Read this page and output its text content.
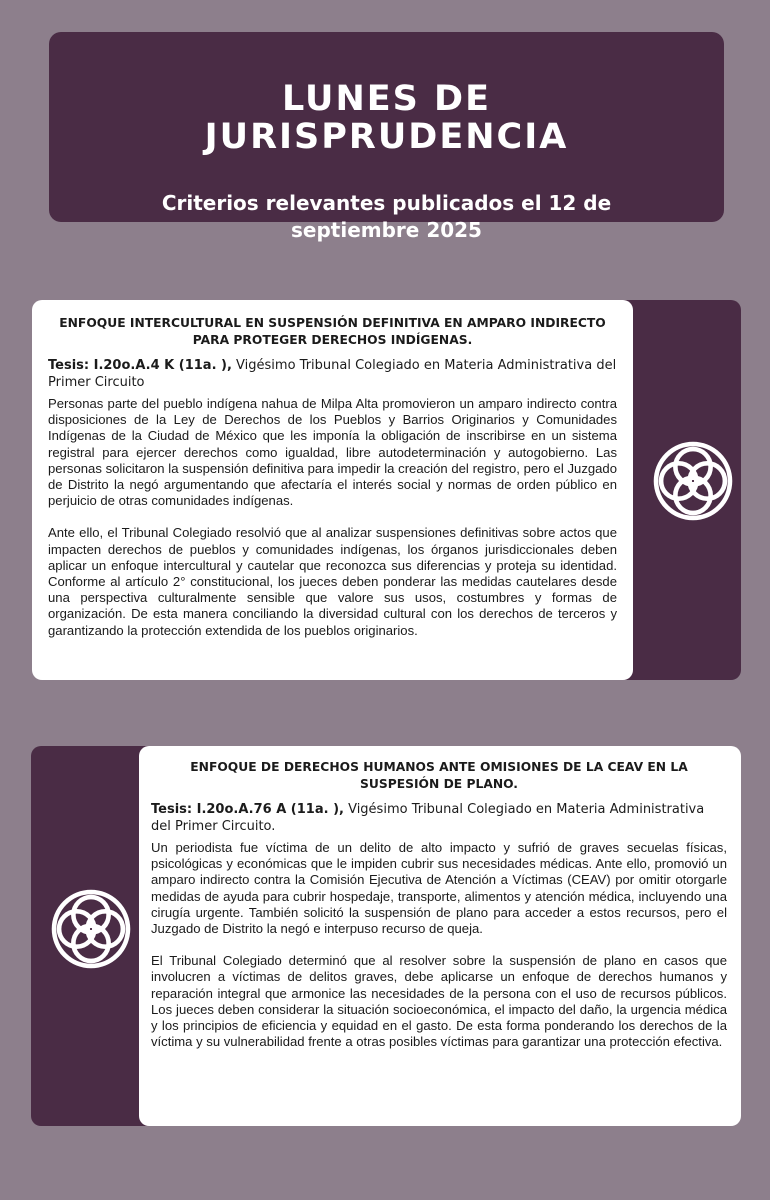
LUNES DE
JURISPRUDENCIA
Criterios relevantes publicados el 12 de septiembre 2025

ENFOQUE INTERCULTURAL EN SUSPENSIÓN DEFINITIVA EN AMPARO INDIRECTO PARA PROTEGER DERECHOS INDÍGENAS.

Tesis: I.20o.A.4 K (11a. ), Vigésimo Tribunal Colegiado en Materia Administrativa del Primer Circuito

Personas parte del pueblo indígena nahua de Milpa Alta promovieron un amparo indirecto contra disposiciones de la Ley de Derechos de los Pueblos y Barrios Originarios y Comunidades Indígenas de la Ciudad de México que les imponía la obligación de inscribirse en un sistema registral para ejercer derechos como igualdad, libre autodeterminación y autogobierno. Las personas solicitaron la suspensión definitiva para impedir la creación del registro, pero el Juzgado de Distrito la negó argumentando que afectaría el interés social y normas de orden público en perjuicio de otras comunidades indígenas.

Ante ello, el Tribunal Colegiado resolvió que al analizar suspensiones definitivas sobre actos que impacten derechos de pueblos y comunidades indígenas, los órganos jurisdiccionales deben aplicar un enfoque intercultural y cautelar que reconozca sus diferencias y proteja su identidad. Conforme al artículo 2° constitucional, los jueces deben ponderar las medidas cautelares desde una perspectiva culturalmente sensible que valore sus usos, costumbres y formas de organización. De esta manera conciliando la diversidad cultural con los derechos de terceros y garantizando la protección extendida de los pueblos originarios.

ENFOQUE DE DERECHOS HUMANOS ANTE OMISIONES DE LA CEAV EN LA SUSPESIÓN DE PLANO.

Tesis: I.20o.A.76 A (11a. ), Vigésimo Tribunal Colegiado en Materia Administrativa del Primer Circuito.

Un periodista fue víctima de un delito de alto impacto y sufrió de graves secuelas físicas, psicológicas y económicas que le impiden cubrir sus necesidades médicas. Ante ello, promovió un amparo indirecto contra la Comisión Ejecutiva de Atención a Víctimas (CEAV) por omitir otorgarle medidas de ayuda para cubrir hospedaje, transporte, alimentos y atención médica, incluyendo una cirugía urgente. También solicitó la suspensión de plano para acceder a estos recursos, pero el Juzgado de Distrito la negó e interpuso recurso de queja.

El Tribunal Colegiado determinó que al resolver sobre la suspensión de plano en casos que involucren a víctimas de delitos graves, debe aplicarse un enfoque de derechos humanos y reparación integral que armonice las necesidades de la persona con el uso de recursos públicos. Los jueces deben considerar la situación socioeconómica, el impacto del daño, la urgencia médica y los principios de eficiencia y equidad en el gasto. De esta forma ponderando los derechos de la víctima y su vulnerabilidad frente a otras posibles víctimas para garantizar una protección efectiva.
